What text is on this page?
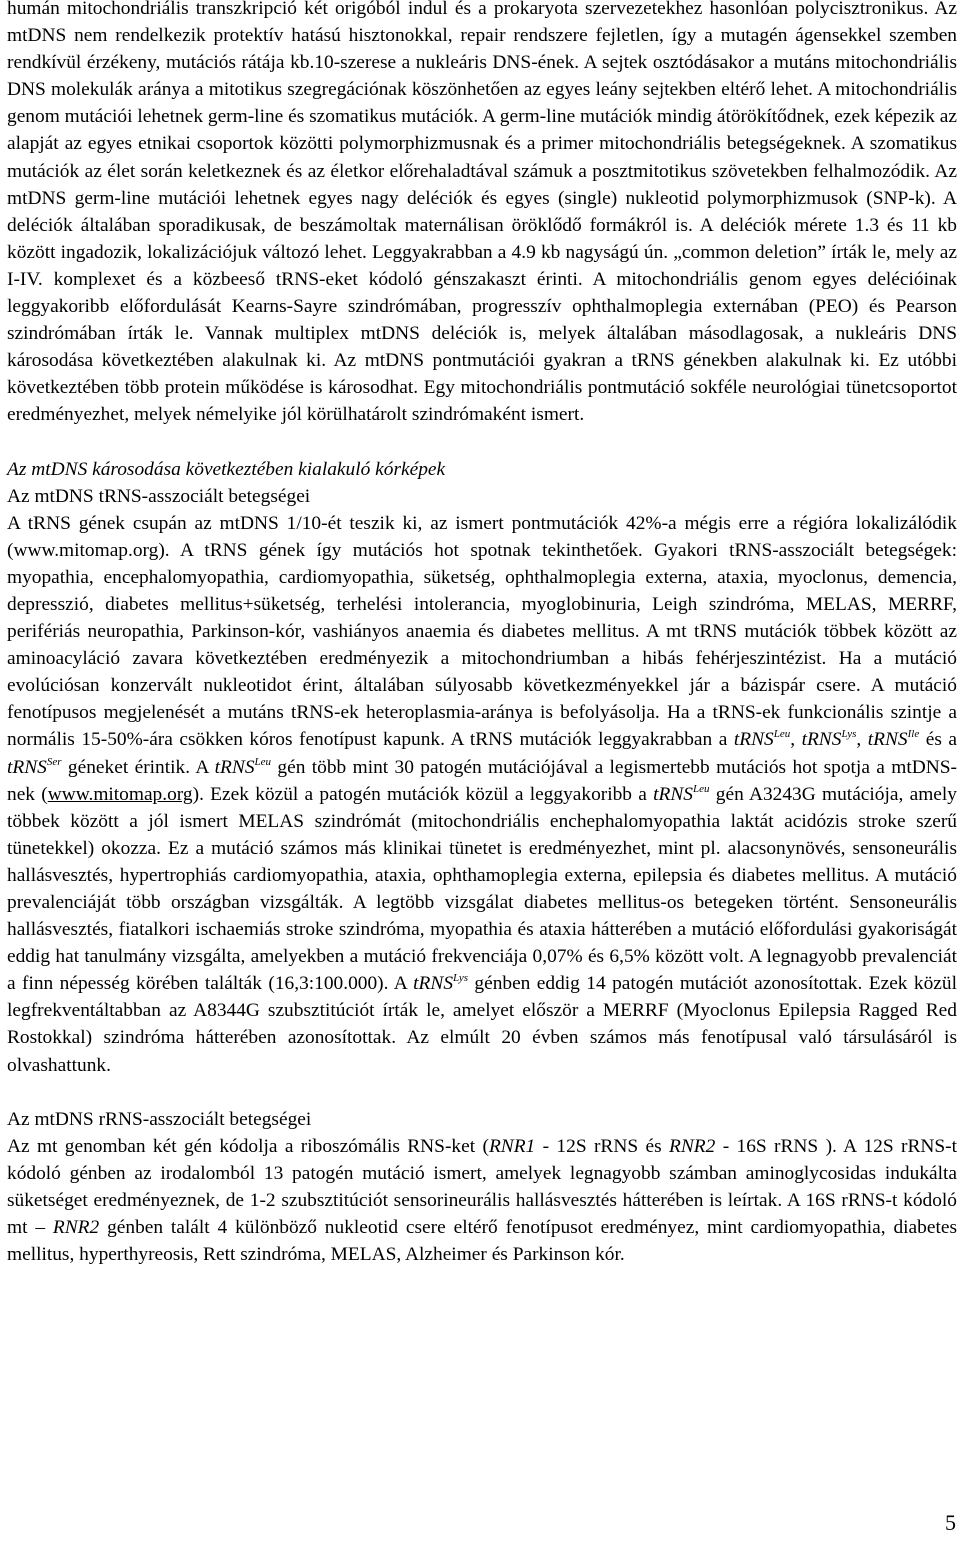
humán mitochondriális transzkripció két origóból indul és a prokaryota szervezetekhez hasonlóan polycisztronikus. Az mtDNS nem rendelkezik protektív hatású hisztonokkal, repair rendszere fejletlen, így a mutagén ágensekkel szemben rendkívül érzékeny, mutációs rátája kb.10-szerese a nukleáris DNS-ének. A sejtek osztódásakor a mutáns mitochondriális DNS molekulák aránya a mitotikus szegregációnak köszönhetően az egyes leány sejtekben eltérő lehet. A mitochondriális genom mutációi lehetnek germ-line és szomatikus mutációk. A germ-line mutációk mindig átörökítődnek, ezek képezik az alapját az egyes etnikai csoportok közötti polymorphizmusnak és a primer mitochondriális betegségeknek. A szomatikus mutációk az élet során keletkeznek és az életkor előrehaladtával számuk a posztmitotikus szövetekben felhalmozódik. Az mtDNS germ-line mutációi lehetnek egyes nagy deléciók és egyes (single) nukleotid polymorphizmusok (SNP-k). A deléciók általában sporadikusak, de beszámoltak maternálisan öröklődő formákról is. A deléciók mérete 1.3 és 11 kb között ingadozik, lokalizációjuk változó lehet. Leggyakrabban a 4.9 kb nagyságú ún. „common deletion” írták le, mely az I-IV. komplexet és a közbeeső tRNS-eket kódoló génszakaszt érinti. A mitochondriális genom egyes delécióinak leggyakoribb előfordulását Kearns-Sayre szindrómában, progresszív ophthalmoplegia externában (PEO) és Pearson szindrómában írták le. Vannak multiplex mtDNS deléciók is, melyek általában másodlagosak, a nukleáris DNS károsodása következtében alakulnak ki. Az mtDNS pontmutációi gyakran a tRNS génekben alakulnak ki. Ez utóbbi következtében több protein működése is károsodhat. Egy mitochondriális pontmutáció sokféle neurológiai tünetcsoportot eredményezhet, melyek némelyike jól körülhatárolt szindrómaként ismert.

Az mtDNS károsodása következtében kialakuló kórképek

Az mtDNS tRNS-asszociált betegségei

A tRNS gének csupán az mtDNS 1/10-ét teszik ki, az ismert pontmutációk 42%-a mégis erre a régióra lokalizálódik (www.mitomap.org). A tRNS gének így mutációs hot spotnak tekinthetőek. Gyakori tRNS-asszociált betegségek: myopathia, encephalomyopathia, cardiomyopathia, süketség, ophthalmoplegia externa, ataxia, myoclonus, demencia, depresszió, diabetes mellitus+süketség, terhelési intolerancia, myoglobinuria, Leigh szindróma, MELAS, MERRF, perifériás neuropathia, Parkinson-kór, vashiányos anaemia és diabetes mellitus. A mt tRNS mutációk többek között az aminoacyláció zavara következtében eredményezik a mitochondriumban a hibás fehérjeszintézist. Ha a mutáció evolúciósan konzervált nukleotidot érint, általában súlyosabb következményekkel jár a bázispár csere. A mutáció fenotípusos megjelenését a mutáns tRNS-ek heteroplasmia-aránya is befolyásolja. Ha a tRNS-ek funkcionális szintje a normális 15-50%-ára csökken kóros fenotípust kapunk. A tRNS mutációk leggyakrabban a tRNS$^{Leu}$, tRNS$^{Lys}$, tRNS$^{Ile}$ és a tRNS$^{Ser}$ géneket érintik. A tRNS$^{Leu}$ gén több mint 30 patogén mutációjával a legismertebb mutációs hot spotja a mtDNS-nek (www.mitomap.org). Ezek közül a patogén mutációk közül a leggyakoribb a tRNS$^{Leu}$ gén A3243G mutációja, amely többek között a jól ismert MELAS szindrómát (mitochondriális enchephalomyopathia laktát acidózis stroke szerű tünetekkel) okozza. Ez a mutáció számos más klinikai tünetet is eredményezhet, mint pl. alacsonynövés, sensoneurális hallásvesztés, hypertrophiás cardiomyopathia, ataxia, ophthamoplegia externa, epilepsia és diabetes mellitus. A mutáció prevalenciáját több országban vizsgálták. A legtöbb vizsgálat diabetes mellitus-os betegeken történt. Sensoneurális hallásvesztés, fiatalkori ischaemiás stroke szindróma, myopathia és ataxia hátterében a mutáció előfordulási gyakoriságát eddig hat tanulmány vizsgálta, amelyekben a mutáció frekvenciája 0,07% és 6,5% között volt. A legnagyobb prevalenciát a finn népesség körében találták (16,3:100.000). A tRNS$^{Lys}$ génben eddig 14 patogén mutációt azonosítottak. Ezek közül legfrekventáltabban az A8344G szubsztitúciót írták le, amelyet először a MERRF (Myoclonus Epilepsia Ragged Red Rostokkal) szindróma hátterében azonosítottak. Az elmúlt 20 évben számos más fenotípusal való társulásáról is olvashattunk.

Az mtDNS rRNS-asszociált betegségei

Az mt genomban két gén kódolja a riboszómális RNS-ket (RNR1 - 12S rRNS és RNR2 - 16S rRNS ). A 12S rRNS-t kódoló génben az irodalomból 13 patogén mutáció ismert, amelyek legnagyobb számban aminoglycosidas indukálta süketséget eredményeznek, de 1-2 szubsztitúciót sensorineurális hallásvesztés hátterében is leírtak. A 16S rRNS-t kódoló mt – RNR2 génben talált 4 különböző nukleotid csere eltérő fenotípusot eredményez, mint cardiomyopathia, diabetes mellitus, hyperthyreosis, Rett szindróma, MELAS, Alzheimer és Parkinson kór.

5
